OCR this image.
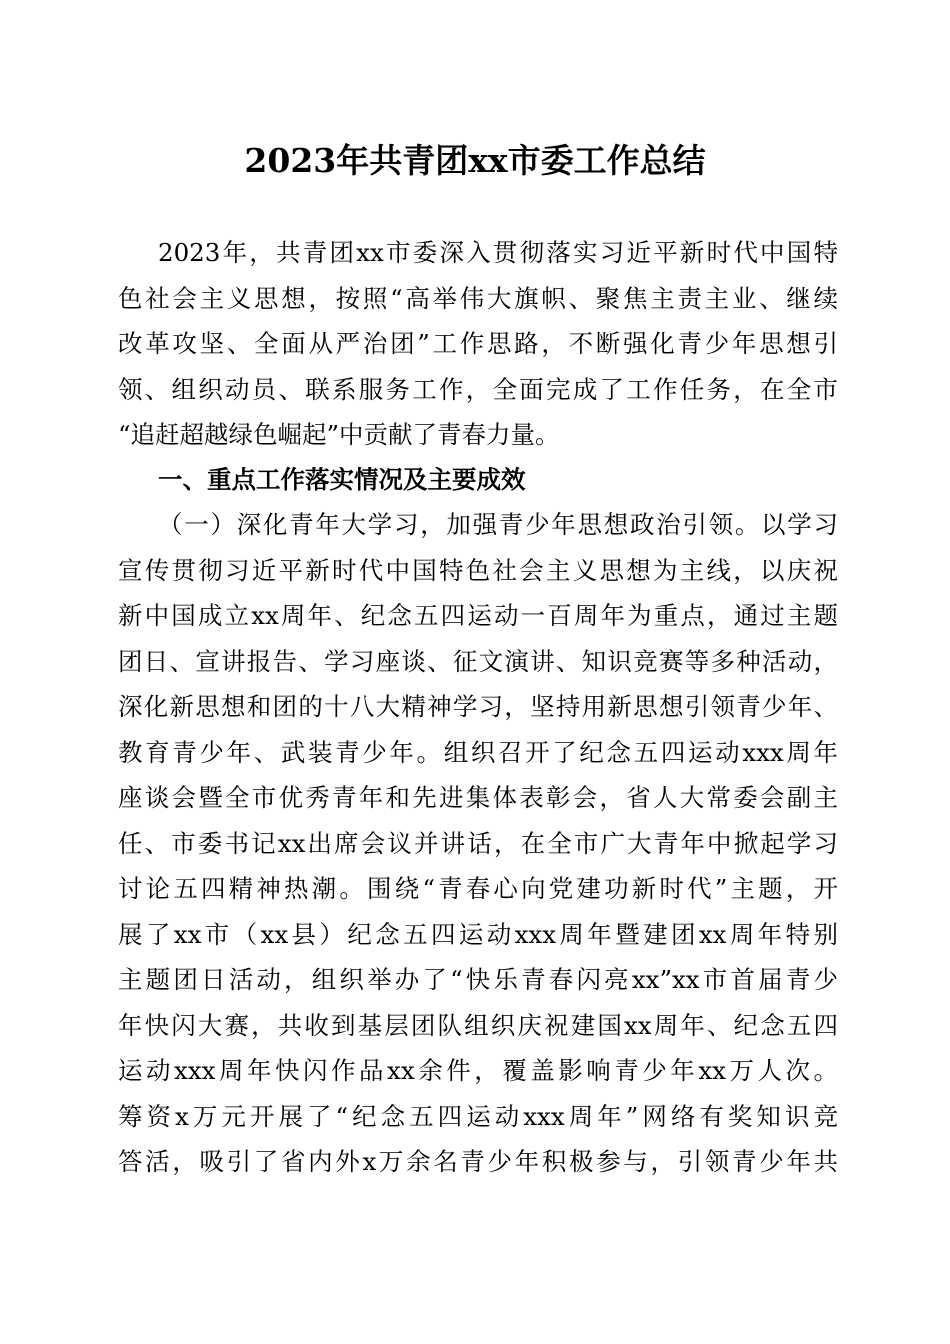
2023年共青团xx市委工作总结
2023年，共青团xx市委深入贯彻落实习近平新时代中国特
色社会主义思想，按照“高举伟大旗帜、聚焦主责主业、继续
改革攻坚、全面从严治团”工作思路，不断强化青少年思想引
领、组织动员、联系服务工作，全面完成了工作任务，在全市
“追赶超越绿色崛起”中贡献了青春力量。
一、重点工作落实情况及主要成效
（一）深化青年大学习，加强青少年思想政治引领。以学习
宣传贯彻习近平新时代中国特色社会主义思想为主线，以庆祝
新中国成立xx周年、纪念五四运动一百周年为重点，通过主题
团日、宣讲报告、学习座谈、征文演讲、知识竞赛等多种活动，
深化新思想和团的十八大精神学习，坚持用新思想引领青少年、
教育青少年、武装青少年。组织召开了纪念五四运动xxx周年
座谈会暨全市优秀青年和先进集体表彰会，省人大常委会副主
任、市委书记xx出席会议并讲话，在全市广大青年中掀起学习
讨论五四精神热潮。围绕“青春心向党建功新时代”主题，开
展了xx市（xx县）纪念五四运动xxx周年暨建团xx周年特别
主题团日活动，组织举办了“快乐青春闪亮xx”xx市首届青少
年快闪大赛，共收到基层团队组织庆祝建国xx周年、纪念五四
运动xxx周年快闪作品xx余件，覆盖影响青少年xx万人次。
筹资x万元开展了“纪念五四运动xxx周年”网络有奖知识竞
答活，吸引了省内外x万余名青少年积极参与，引领青少年共
